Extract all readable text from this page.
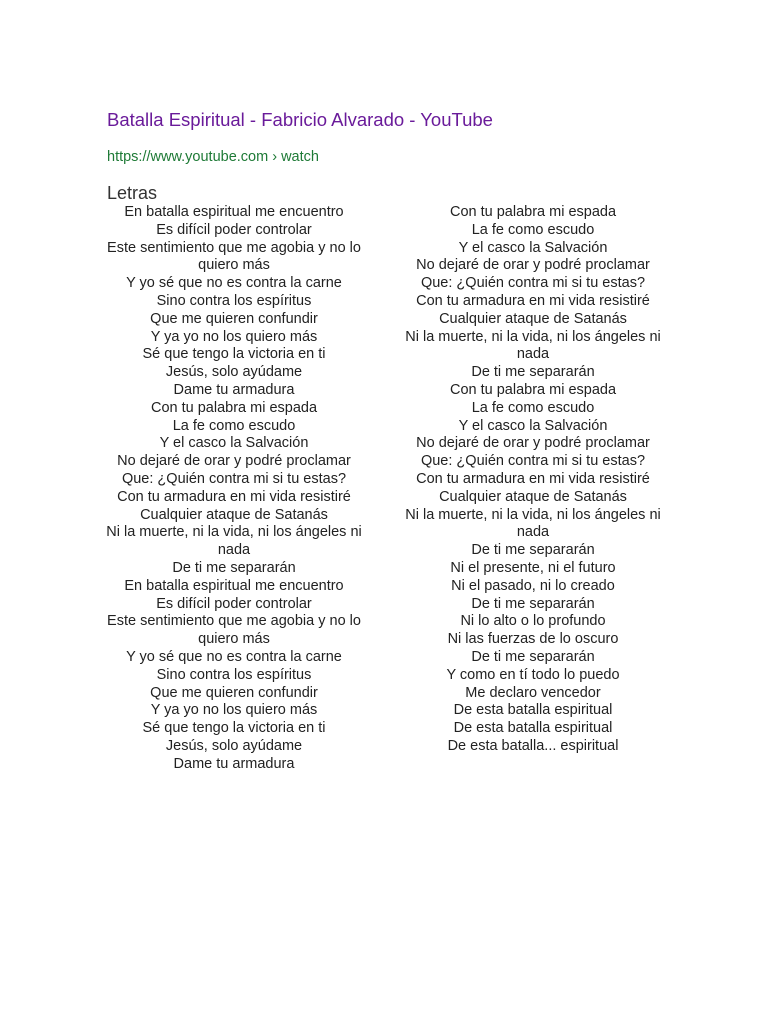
Batalla Espiritual - Fabricio Alvarado - YouTube
https://www.youtube.com › watch
Letras
En batalla espiritual me encuentro
Es difícil poder controlar
Este sentimiento que me agobia y no lo quiero más
Y yo sé que no es contra la carne
Sino contra los espíritus
Que me quieren confundir
Y ya yo no los quiero más
Sé que tengo la victoria en ti
Jesús, solo ayúdame
Dame tu armadura
Con tu palabra mi espada
La fe como escudo
Y el casco la Salvación
No dejaré de orar y podré proclamar
Que: ¿Quién contra mi si tu estas?
Con tu armadura en mi vida resistiré
Cualquier ataque de Satanás
Ni la muerte, ni la vida, ni los ángeles ni nada
De ti me separarán
En batalla espiritual me encuentro
Es difícil poder controlar
Este sentimiento que me agobia y no lo quiero más
Y yo sé que no es contra la carne
Sino contra los espíritus
Que me quieren confundir
Y ya yo no los quiero más
Sé que tengo la victoria en ti
Jesús, solo ayúdame
Dame tu armadura
Con tu palabra mi espada
La fe como escudo
Y el casco la Salvación
No dejaré de orar y podré proclamar
Que: ¿Quién contra mi si tu estas?
Con tu armadura en mi vida resistiré
Cualquier ataque de Satanás
Ni la muerte, ni la vida, ni los ángeles ni nada
De ti me separarán
Con tu palabra mi espada
La fe como escudo
Y el casco la Salvación
No dejaré de orar y podré proclamar
Que: ¿Quién contra mi si tu estas?
Con tu armadura en mi vida resistiré
Cualquier ataque de Satanás
Ni la muerte, ni la vida, ni los ángeles ni nada
De ti me separarán
Ni el presente, ni el futuro
Ni el pasado, ni lo creado
De ti me separarán
Ni lo alto o lo profundo
Ni las fuerzas de lo oscuro
De ti me separarán
Y como en tí todo lo puedo
Me declaro vencedor
De esta batalla espiritual
De esta batalla espiritual
De esta batalla... espiritual
